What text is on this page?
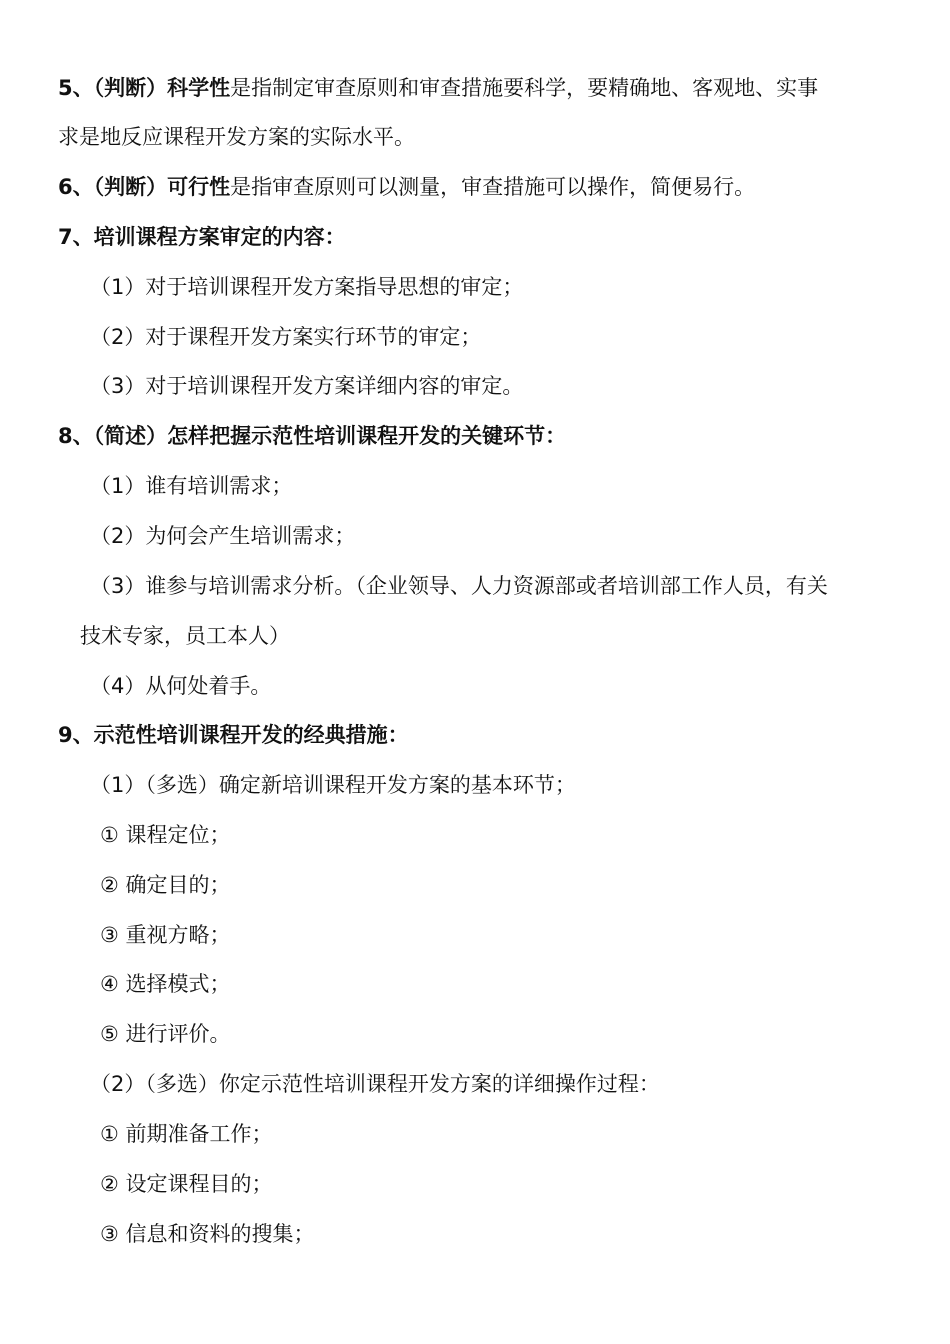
5、（判断）科学性是指制定审查原则和审查措施要科学，要精确地、客观地、实事
求是地反应课程开发方案的实际水平。
6、（判断）可行性是指审查原则可以测量，审查措施可以操作，简便易行。
7、培训课程方案审定的内容：
（1）对于培训课程开发方案指导思想的审定；
（2）对于课程开发方案实行环节的审定；
（3）对于培训课程开发方案详细内容的审定。
8、（简述）怎样把握示范性培训课程开发的关键环节：
（1）谁有培训需求；
（2）为何会产生培训需求；
（3）谁参与培训需求分析。（企业领导、人力资源部或者培训部工作人员，有关
技术专家，员工本人）
（4）从何处着手。
9、示范性培训课程开发的经典措施：
（1）（多选）确定新培训课程开发方案的基本环节；
① 课程定位；
② 确定目的；
③ 重视方略；
④ 选择模式；
⑤ 进行评价。
（2）（多选）你定示范性培训课程开发方案的详细操作过程：
① 前期准备工作；
② 设定课程目的；
③ 信息和资料的搜集；
